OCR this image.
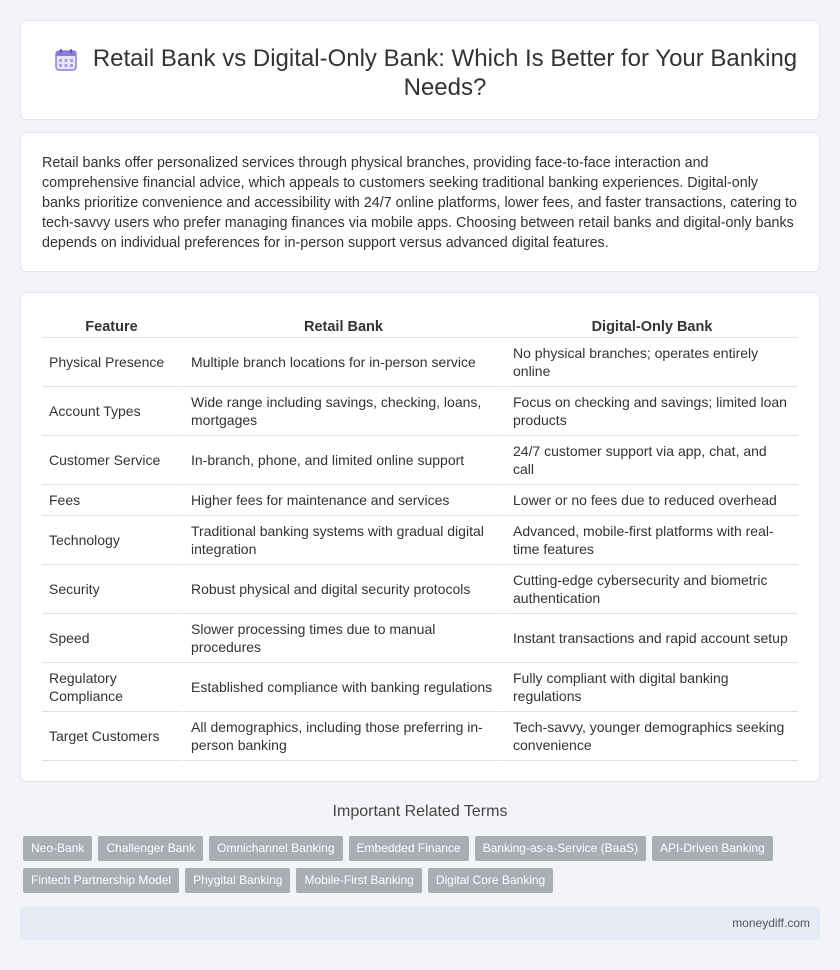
Retail Bank vs Digital-Only Bank: Which Is Better for Your Banking Needs?

Retail banks offer personalized services through physical branches, providing face-to-face interaction and comprehensive financial advice, which appeals to customers seeking traditional banking experiences. Digital-only banks prioritize convenience and accessibility with 24/7 online platforms, lower fees, and faster transactions, catering to tech-savvy users who prefer managing finances via mobile apps. Choosing between retail banks and digital-only banks depends on individual preferences for in-person support versus advanced digital features.

Feature	Retail Bank	Digital-Only Bank
Physical Presence	Multiple branch locations for in-person service	No physical branches; operates entirely online
Account Types	Wide range including savings, checking, loans, mortgages	Focus on checking and savings; limited loan products
Customer Service	In-branch, phone, and limited online support	24/7 customer support via app, chat, and call
Fees	Higher fees for maintenance and services	Lower or no fees due to reduced overhead
Technology	Traditional banking systems with gradual digital integration	Advanced, mobile-first platforms with real-time features
Security	Robust physical and digital security protocols	Cutting-edge cybersecurity and biometric authentication
Speed	Slower processing times due to manual procedures	Instant transactions and rapid account setup
Regulatory Compliance	Established compliance with banking regulations	Fully compliant with digital banking regulations
Target Customers	All demographics, including those preferring in-person banking	Tech-savvy, younger demographics seeking convenience
Important Related Terms
Neo-Bank	Challenger Bank	Omnichannel Banking	Embedded Finance	Banking-as-a-Service (BaaS)	API-Driven Banking
Fintech Partnership Model	Phygital Banking	Mobile-First Banking	Digital Core Banking
moneydiff.com
